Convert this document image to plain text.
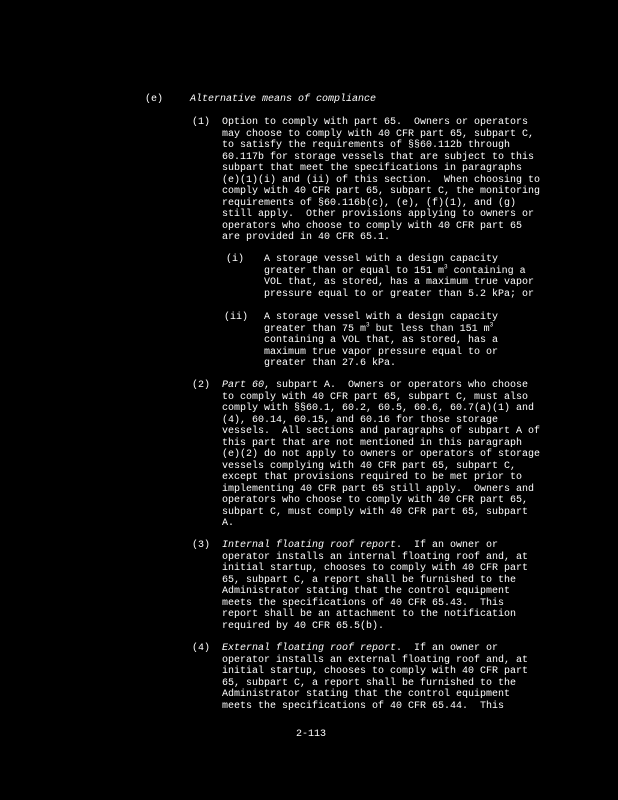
(e)	Alternative means of compliance
(1) Option to comply with part 65.  Owners or operators
may choose to comply with 40 CFR part 65, subpart C,
to satisfy the requirements of §§60.112b through
60.117b for storage vessels that are subject to this
subpart that meet the specifications in paragraphs
(e)(1)(i) and (ii) of this section.  When choosing to
comply with 40 CFR part 65, subpart C, the monitoring
requirements of §60.116b(c), (e), (f)(1), and (g)
still apply.  Other provisions applying to owners or
operators who choose to comply with 40 CFR part 65
are provided in 40 CFR 65.1.
(i) A storage vessel with a design capacity
greater than or equal to 151 $m^3$ containing a
VOL that, as stored, has a maximum true vapor
pressure equal to or greater than 5.2 kPa; or
(ii) A storage vessel with a design capacity
greater than 75 $m^3$ but less than 151 $m^3$
containing a VOL that, as stored, has a
maximum true vapor pressure equal to or
greater than 27.6 kPa.
(2) Part 60, subpart A.  Owners or operators who choose
to comply with 40 CFR part 65, subpart C, must also
comply with §§60.1, 60.2, 60.5, 60.6, 60.7(a)(1) and
(4), 60.14, 60.15, and 60.16 for those storage
vessels.  All sections and paragraphs of subpart A of
this part that are not mentioned in this paragraph
(e)(2) do not apply to owners or operators of storage
vessels complying with 40 CFR part 65, subpart C,
except that provisions required to be met prior to
implementing 40 CFR part 65 still apply.  Owners and
operators who choose to comply with 40 CFR part 65,
subpart C, must comply with 40 CFR part 65, subpart
A.
(3) Internal floating roof report.  If an owner or
operator installs an internal floating roof and, at
initial startup, chooses to comply with 40 CFR part
65, subpart C, a report shall be furnished to the
Administrator stating that the control equipment
meets the specifications of 40 CFR 65.43.  This
report shall be an attachment to the notification
required by 40 CFR 65.5(b).
(4) External floating roof report.  If an owner or
operator installs an external floating roof and, at
initial startup, chooses to comply with 40 CFR part
65, subpart C, a report shall be furnished to the
Administrator stating that the control equipment
meets the specifications of 40 CFR 65.44.  This
2-113
